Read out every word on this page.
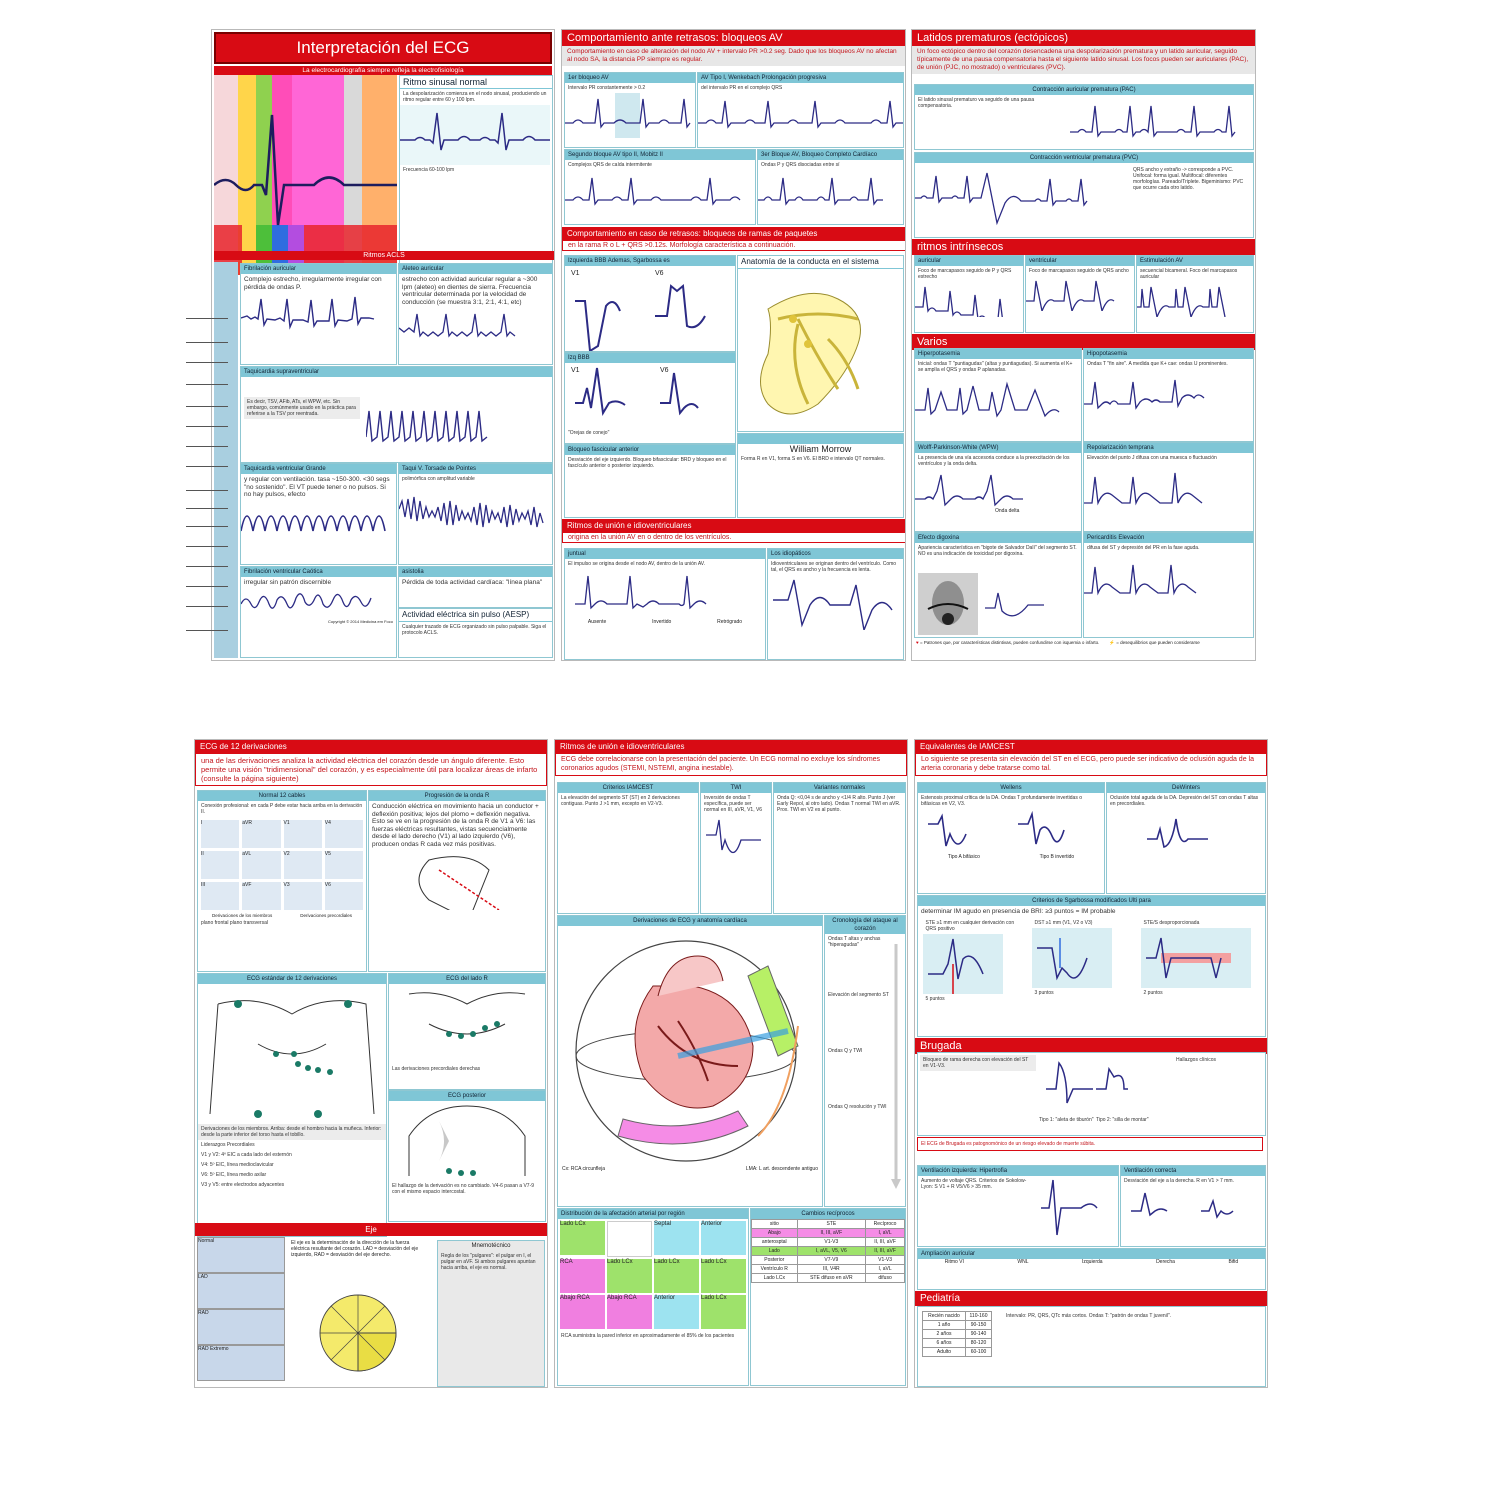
Interpretación del ECG
La electrocardiografía siempre refleja la electrofisiología
Ritmo sinusal normal
La despolarización comienza en el nodo sinusal, produciendo un ritmo regular entre 60 y 100 lpm.
Frecuencia 60-100 lpm
Ritmos ACLS
Fibrilación auricular
Complejo estrecho, irregularmente irregular con pérdida de ondas P.
Aleteo auricular
estrecho con actividad auricular regular a ~300 lpm (aleteo) en dientes de sierra. Frecuencia ventricular determinada por la velocidad de conducción (se muestra 3:1, 2:1, 4:1, etc)
Taquicardia supraventricular
Es decir, TSV, AFib, ATs, el WPW, etc. Sin embargo, comúnmente usado en la práctica para referirse a la TSV por reentrada.
Taquicardia ventricular Grande
y regular con ventilación. tasa ~150-300. <30 segs "no sostenido". El VT puede tener o no pulsos. Si no hay pulsos, efecto
Taqui V. Torsade de Pointes
polimórfica con amplitud variable
Fibrilación ventricular Caótica
irregular sin patrón discernible
Copyright © 2014 Medicina em Foco
asistolia
Pérdida de toda actividad cardíaca: "línea plana"
Actividad eléctrica sin pulso (AESP)
Cualquier trazado de ECG organizado sin pulso palpable. Siga el protocolo ACLS.
Comportamiento ante retrasos: bloqueos AV
Comportamiento en caso de alteración del nodo AV + intervalo PR >0.2 seg. Dado que los bloqueos AV no afectan al nodo SA, la distancia PP siempre es regular.
1er bloqueo AV
Intervalo PR constantemente > 0.2
AV Tipo I, Wenkebach Prolongación progresiva
del intervalo PR en el complejo QRS
Segundo bloque AV tipo II, Mobitz II
Complejos QRS de caída intermitente
3er Bloque AV, Bloqueo Completo Cardíaco
Ondas P y QRS disociadas entre sí
Comportamiento en caso de retrasos: bloqueos de ramas de paquetes
en la rama R o L + QRS >0.12s. Morfología característica a continuación.
Izquierda BBB Ademas, Sgarbossa es
V1	V6
Anatomía de la conducta en el sistema
Izq BBB
V1	V6
"Orejas de conejo"
Bloqueo fascicular anterior
Desviación del eje izquierdo. Bloqueo bifascicular: BRD y bloqueo en el fascículo anterior o posterior izquierdo.
William Morrow
Forma R en V1, forma S en V6. El BRD e intervalo QT normales.
Ritmos de unión e idioventriculares
origina en la unión AV en o dentro de los ventrículos.
juntual
El impulso se origina desde el nodo AV, dentro de la unión AV.
Ausente	Invertido	Retrógrado
Los idiopáticos
Idioventriculares se originan dentro del ventrículo. Como tal, el QRS es ancho y la frecuencia es lenta.
Latidos prematuros (ectópicos)
Un foco ectópico dentro del corazón desencadena una despolarización prematura y un latido auricular, seguido típicamente de una pausa compensatoria hasta el siguiente latido sinusal. Los focos pueden ser auriculares (PAC), de unión (PJC, no mostrado) o ventriculares (PVC).
Contracción auricular prematura (PAC)
El latido sinusal prematuro va seguido de una pausa compensatoria.
Contracción ventricular prematura (PVC)
QRS ancho y extraño -> corresponde a PVC. Unifocal: forma igual. Multifocal: diferentes morfologías. Pareado/Triplete. Bigeminismo: PVC que ocurre cada otro latido.
ritmos intrínsecos
auricular
Foco de marcapasos seguido de P y QRS estrecho
ventricular
Foco de marcapasos seguido de QRS ancho
Estimulación AV
secuencial bicameral. Foco del marcapasos auricular
Varios
Hiperpotasemia
Inicial: ondas T "puntiagudas" (altas y puntiagudas). Si aumenta el K+ se amplía el QRS y ondas P aplanadas.
Hipopotasemia
Ondas T "fin aire". A medida que K+ cae: ondas U prominentes.
Wolff-Parkinson-White (WPW)
La presencia de una vía accesoria conduce a la preexcitación de los ventrículos y la onda delta.
Onda delta
Repolarización temprana
Elevación del punto J difusa con una muesca o fluctuación
Efecto digoxina
Apariencia característica en "bigote de Salvador Dalí" del segmento ST. NO es una indicación de toxicidad por digoxina.
Pericarditis Elevación
difusa del ST y depresión del PR en la fase aguda.
♥ = Patrones que, por características distintivas, pueden confundirse con isquemia o infarto. ⚡ = desequilibrios que pueden considerarse
ECG de 12 derivaciones
una de las derivaciones analiza la actividad eléctrica del corazón desde un ángulo diferente. Esto permite una visión "tridimensional" del corazón, y es especialmente útil para localizar áreas de infarto (consulte la página siguiente)
Normal 12 cables
Conexión profesional: en cada P debe estar hacia arriba en la derivación II.
I	aVR	V1	V4
II	aVL	V2	V5
III	aVF	V3	V6
Derivaciones de los miembros	Derivaciones precordiales
plano frontal plano transversal
Progresión de la onda R
Conducción eléctrica en movimiento hacia un conductor + deflexión positiva; lejos del plomo = deflexión negativa. Esto se ve en la progresión de la onda R de V1 a V6: las fuerzas eléctricas resultantes, vistas secuencialmente desde el lado derecho (V1) al lado izquierdo (V6), producen ondas R cada vez más positivas.
ECG estándar de 12 derivaciones
Derivaciones de los miembros. Arriba: desde el hombro hacia la muñeca. Inferior: desde la parte inferior del torso hasta el tobillo.
Liderazgos Precordiales
V1 y V2: 4º EIC a cada lado del esternón
V4: 5º EIC, línea medioclavicular
V6: 5º EIC, línea medio axilar
V3 y V5: entre electrodos adyacentes
ECG del lado R
Las derivaciones precordiales derechas
ECG posterior
El hallazgo de la derivación es no cambiado. V4-6 pasan a V7-9 con el mismo espacio intercostal.
Eje
Normal
LAD
RAD
RAD Extremo
El eje es la determinación de la dirección de la fuerza eléctrica resultante del corazón. LAD = desviación del eje izquierdo, RAD = desviación del eje derecho.
Mnemotécnico
Regla de los "pulgares": el pulgar en I, el pulgar en aVF. Si ambos pulgares apuntan hacia arriba, el eje es normal.
Ritmos de unión e idioventriculares
ECG debe correlacionarse con la presentación del paciente. Un ECG normal no excluye los síndromes coronarios agudos (STEMI, NSTEMI, angina inestable).
Criterios IAMCEST
La elevación del segmento ST (ST) en 2 derivaciones contiguas. Punto J >1 mm, excepto en V2-V3.
TWI
Inversión de ondas T específica, puede ser normal en III, aVR, V1, V6
Variantes normales
Onda Q: <0,04 s de ancho y <1/4 R alto. Punto J (ver Early Repol, al otro lado). Ondas T normal TWI en aVR. Prox. TWI en V2 es al punto.
Derivaciones de ECG y anatomía cardíaca
Cx: RCA circunfleja	LMA: L art. descendente antiguo
Cronología del ataque al corazón
Ondas T altas y anchas "hiperagudas"
Elevación del segmento ST
Ondas Q y TWI
Ondas Q resolución y TWI
Distribución de la afectación arterial por región
Lado LCx	Septal	Anterior
RCA	Lado LCx	Lado LCx	Lado LCx
Abajo RCA	Abajo RCA	Anterior	Lado LCx
RCA suministra la pared inferior en aproximadamente el 85% de los pacientes
Cambios recíprocos
sitio	STE	Recíproco
Abajo	II, III, aVF	I, aVL
anterosptal	V1-V3	II, III, aVF
Lado	I, aVL, V5, V6	II, III, aVF
Posterior	V7-V9	V1-V3
Ventrículo R	III, V4R	I, aVL
Lado LCx	STE difuso en aVR	difuso
Equivalentes de IAMCEST
Lo siguiente se presenta sin elevación del ST en el ECG, pero puede ser indicativo de oclusión aguda de la arteria coronaria y debe tratarse como tal.
Wellens
Estenosis proximal crítica de la DA. Ondas T profundamente invertidas o bifásicas en V2, V3.
Tipo A bifásico	Tipo B invertido
DeWinters
Oclusión total aguda de la DA. Depresión del ST con ondas T altas en precordiales.
Criterios de Sgarbossa modificados Ulti para
determinar IM agudo en presencia de BRI: ≥3 puntos = IM probable
STE ≥1 mm en cualquier derivación con QRS positivo
5 puntos
DST ≥1 mm (V1, V2 o V3)
3 puntos
STE/S desproporcionada
2 puntos
Brugada
Bloqueo de rama derecha con elevación del ST en V1-V3.
Tipo 1: "aleta de tiburón" Tipo 2: "silla de montar"
Hallazgos clínicos
El ECG de Brugada es patognomónico de un riesgo elevado de muerte súbita.
Ventilación izquierda: Hipertrofia
Aumento de voltaje QRS. Criterios de Sokolow-Lyon: S V1 + R V5/V6 > 35 mm.
Ventilación correcta
Desviación del eje a la derecha. R en V1 > 7 mm.
Ampliación auricular
Ritmo VI	WNL	Izquierda	Derecha	Bifid
Pediatría
Recién nacido	110-160
1 año	90-150
2 años	90-140
6 años	80-120
Adulto	60-100
Intervalo: PR, QRS, QTc más cortos. Ondas T: "patrón de ondas T juvenil".
